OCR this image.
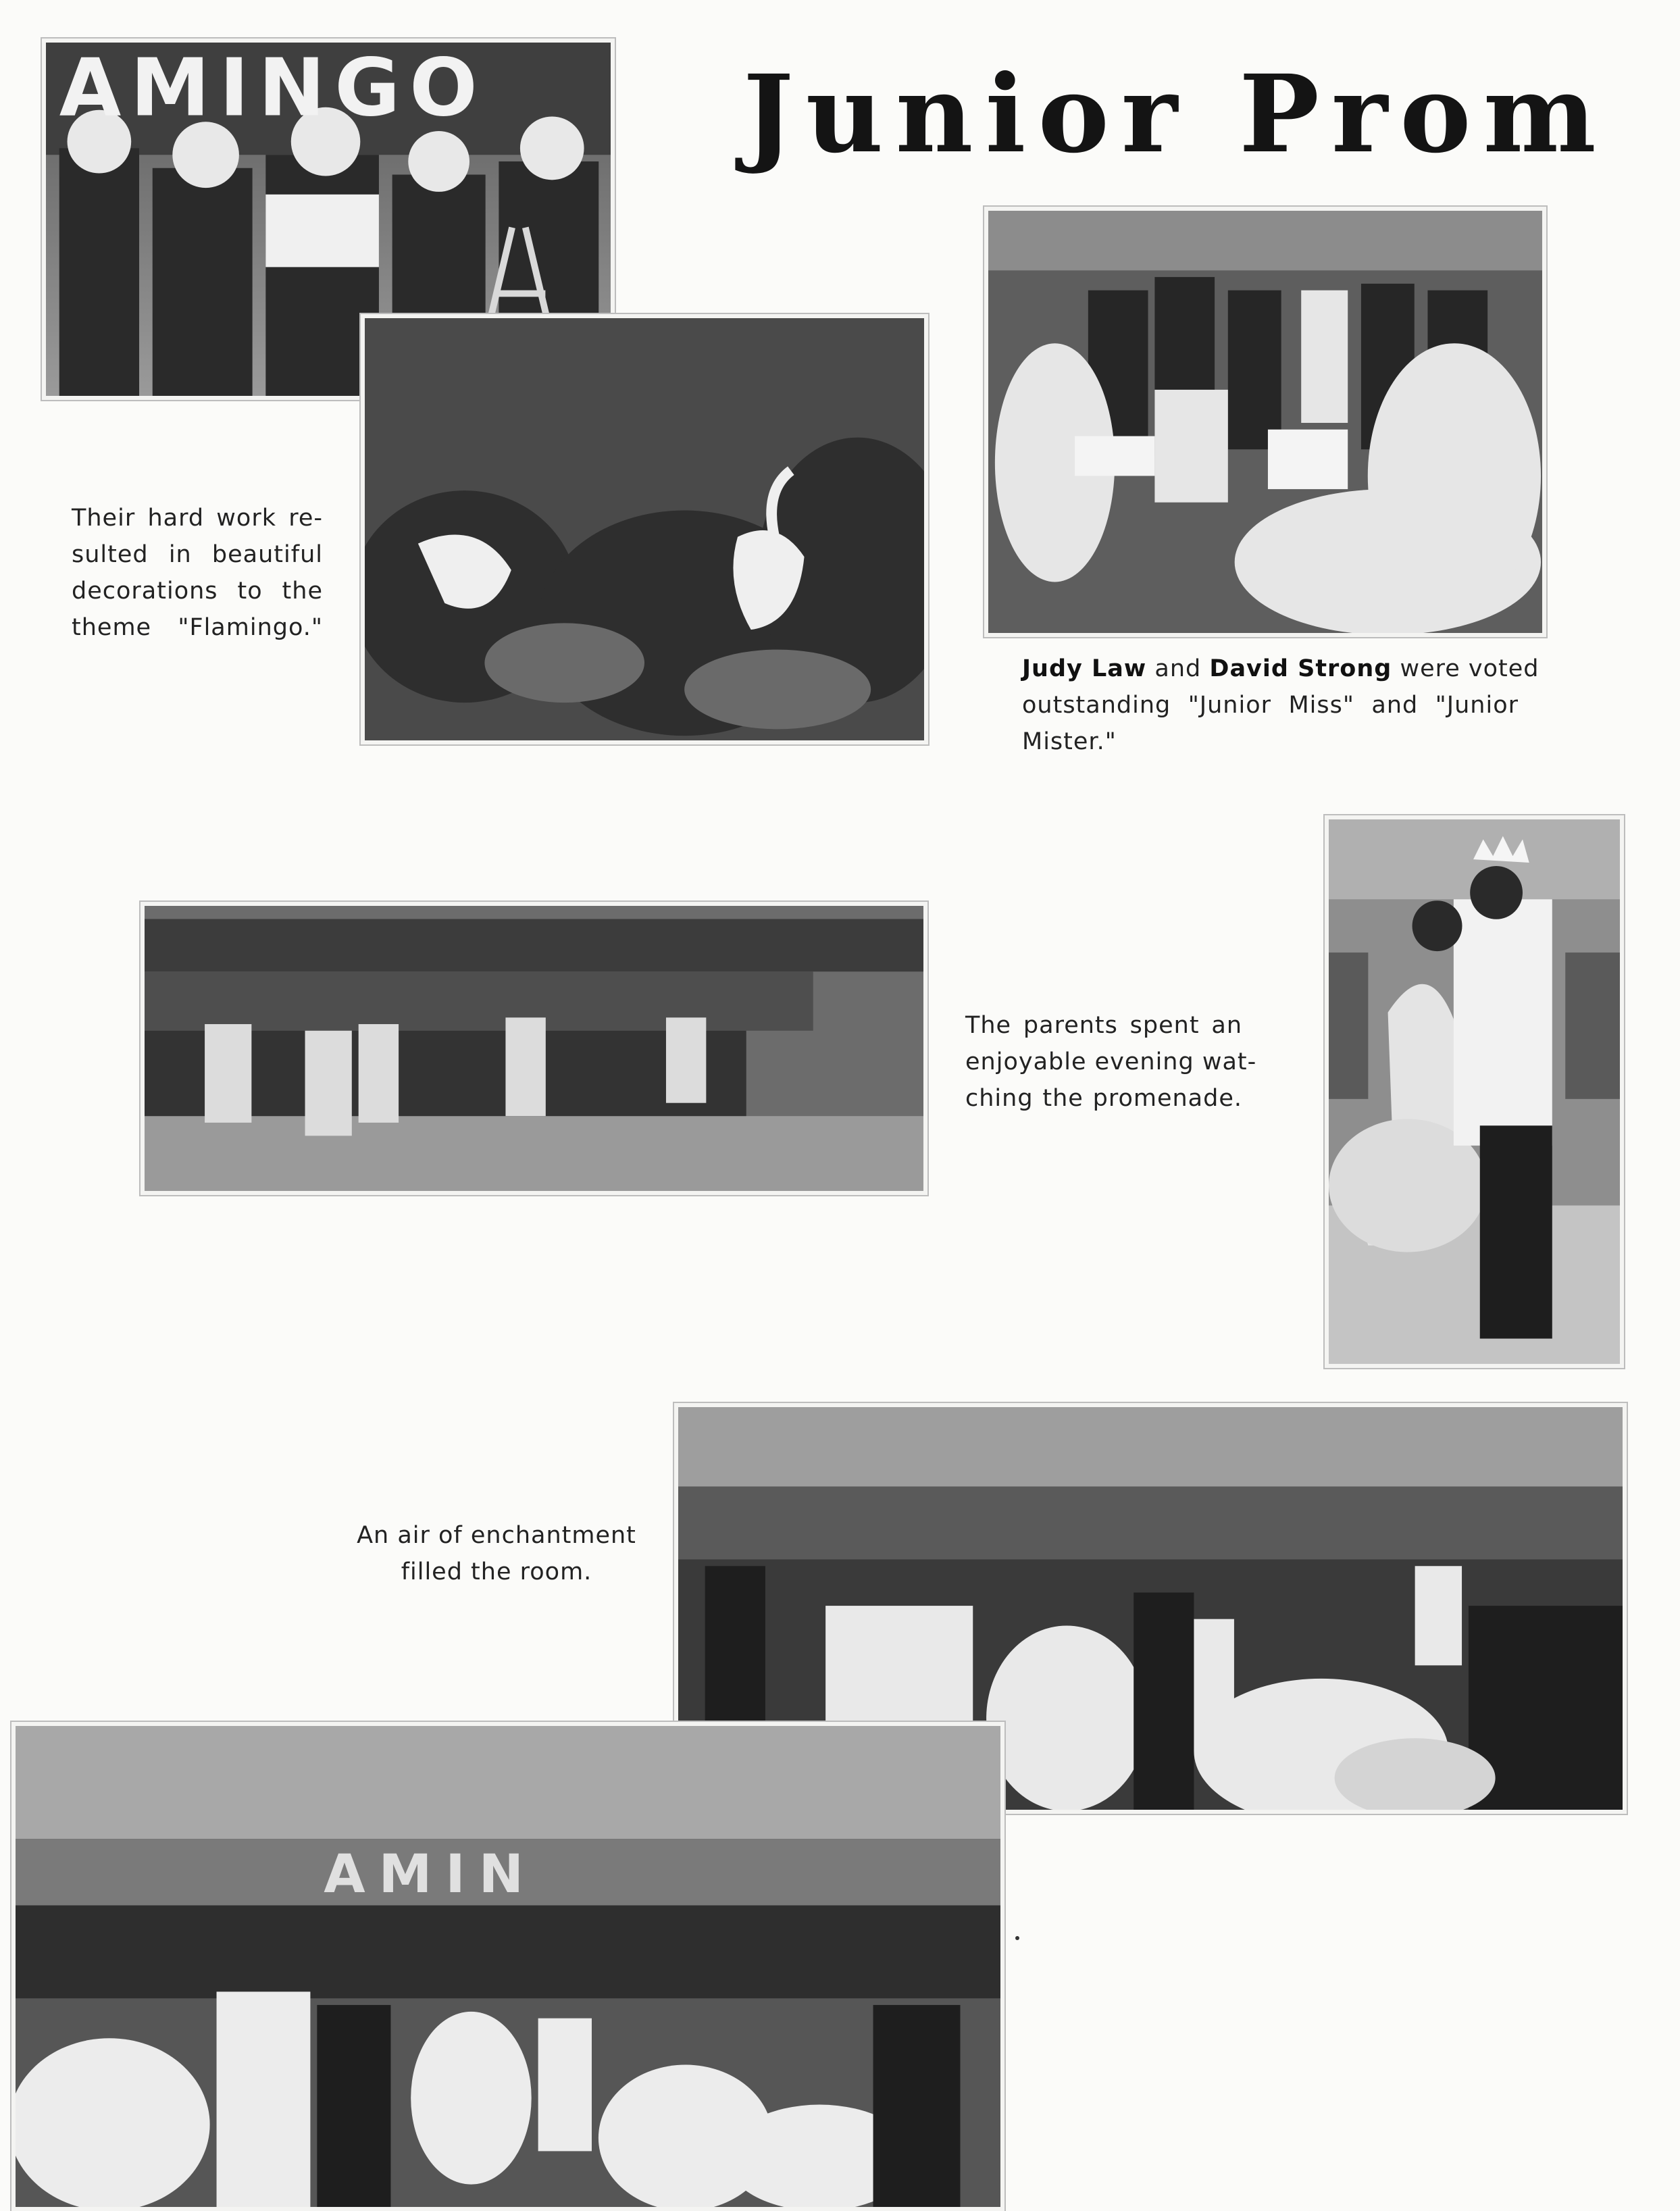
Junior Prom
AMINGO
Their hard work re-
sulted in beautiful
decorations to the
theme "Flamingo."
Judy Law and David Strong were voted
outstanding "Junior Miss" and "Junior
Mister."
The parents spent an
enjoyable evening wat-
ching the promenade.
An air of enchantment
filled the room.
AMIN
